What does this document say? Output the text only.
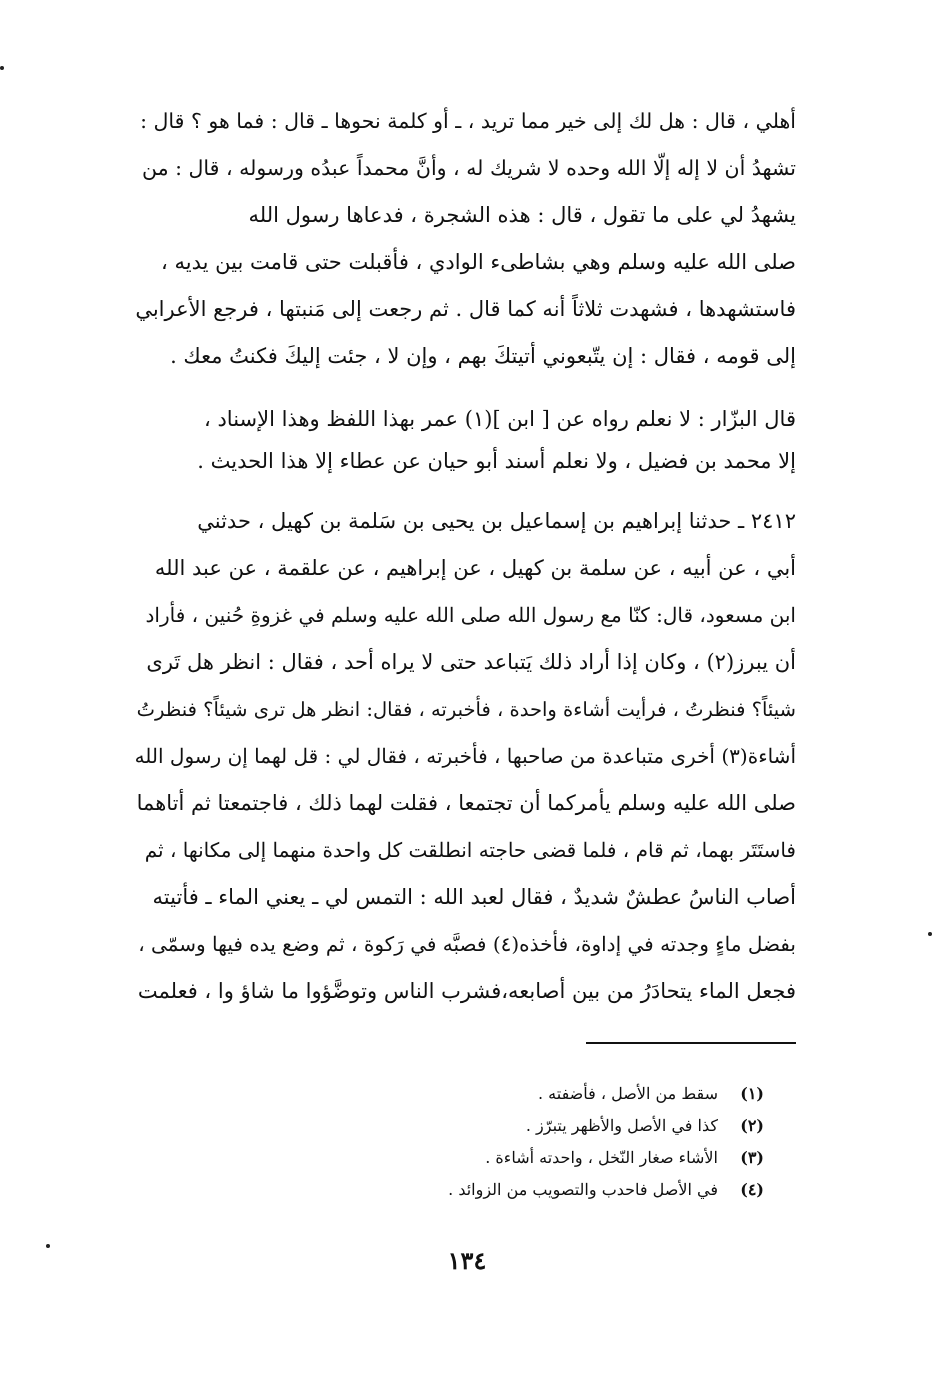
أهلي ، قال : هل لك إلى خير مما تريد ، ـ أو كلمة نحوها ـ قال : فما هو ؟ قال :
تشهدُ أن لا إله إلّا الله وحده لا شريك له ، وأنَّ محمداً عبدُه ورسوله ، قال : من
يشهدُ لي على ما تقول ، قال : هذه الشجرة ، فدعاها رسول الله
صلى الله عليه وسلم وهي بشاطىء الوادي ، فأقبلت حتى قامت بين يديه ،
فاستشهدها ، فشهدت ثلاثاً أنه كما قال . ثم رجعت إلى مَنبتها ، فرجع الأعرابي
إلى قومه ، فقال : إن يتّبعوني أتيتكَ بهم ، وإن لا ، جئت إليكَ فكنتُ معك .
قال البزّار : لا نعلم رواه عن [ ابن ](١) عمر بهذا اللفظ وهذا الإسناد ،
إلا محمد بن فضيل ، ولا نعلم أسند أبو حيان عن عطاء إلا هذا الحديث .
٢٤١٢ ـ حدثنا إبراهيم بن إسماعيل بن يحيى بن سَلمة بن كهيل ، حدثني
أبي ، عن أبيه ، عن سلمة بن كهيل ، عن إبراهيم ، عن علقمة ، عن عبد الله
ابن مسعود، قال: كنّا مع رسول الله صلى الله عليه وسلم في غزوةِ حُنين ، فأراد
أن يبرز(٢) ، وكان إذا أراد ذلك يَتباعد حتى لا يراه أحد ، فقال : انظر هل تَرى
شيئاً؟ فنظرتُ ، فرأيت أشاءة واحدة ، فأخبرته ، فقال: انظر هل ترى شيئاً؟ فنظرتُ
أشاءة(٣) أخرى متباعدة من صاحبها ، فأخبرته ، فقال لي : قل لهما إن رسول الله
صلى الله عليه وسلم يأمركما أن تجتمعا ، فقلت لهما ذلك ، فاجتمعتا ثم أتاهما
فاستَتَر بهما، ثم قام ، فلما قضى حاجته انطلقت كل واحدة منهما إلى مكانها ، ثم
أصاب الناسُ عطشٌ شديدٌ ، فقال لعبد الله : التمس لي ـ يعني الماء ـ فأتيته
بفضل ماءٍ وجدته في إداوة، فأخذه(٤) فصبَّه في رَكوة ، ثم وضع يده فيها وسمّى ،
فجعل الماء يتحادَرُ من بين أصابعه،فشرب الناس وتوضَّؤوا ما شاؤ وا ، فعلمت
(١)
سقط من الأصل ، فأضفته .
(٢)
كذا في الأصل والأظهر يتبرّز .
(٣)
الأشاء صغار النّخل ، واحدته أشاءة .
(٤)
في الأصل فاحدب والتصويب من الزوائد .
١٣٤
